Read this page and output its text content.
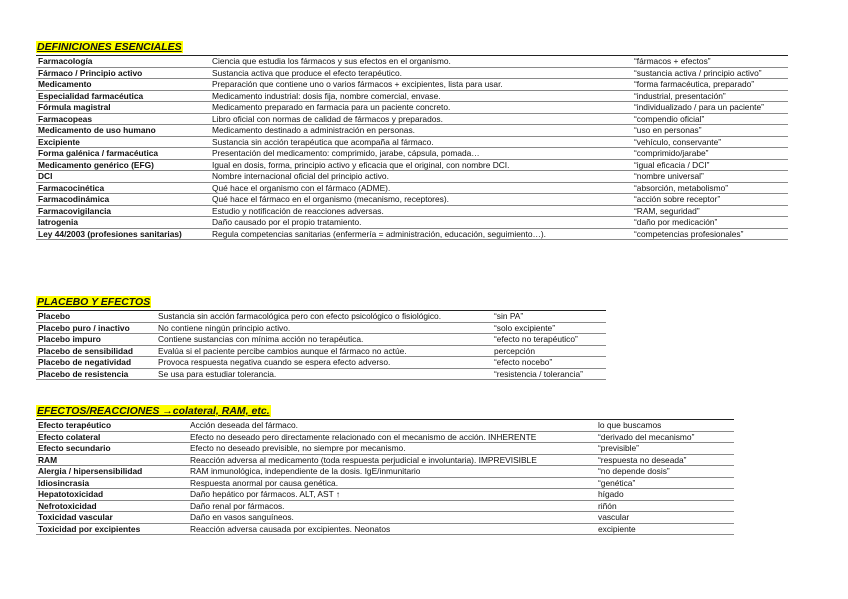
DEFINICIONES ESENCIALES
Farmacología	Ciencia que estudia los fármacos y sus efectos en el organismo.	“fármacos + efectos”
Fármaco / Principio activo	Sustancia activa que produce el efecto terapéutico.	“sustancia activa / principio activo”
Medicamento	Preparación que contiene uno o varios fármacos + excipientes, lista para usar.	“forma farmacéutica, preparado”
Especialidad farmacéutica	Medicamento industrial: dosis fija, nombre comercial, envase.	“industrial, presentación”
Fórmula magistral	Medicamento preparado en farmacia para un paciente concreto.	“individualizado / para un paciente”
Farmacopeas	Libro oficial con normas de calidad de fármacos y preparados.	“compendio oficial”
Medicamento de uso humano	Medicamento destinado a administración en personas.	“uso en personas”
Excipiente	Sustancia sin acción terapéutica que acompaña al fármaco.	“vehículo, conservante”
Forma galénica / farmacéutica	Presentación del medicamento: comprimido, jarabe, cápsula, pomada…	“comprimido/jarabe”
Medicamento genérico (EFG)	Igual en dosis, forma, principio activo y eficacia que el original, con nombre DCI.	“igual eficacia / DCI”
DCI	Nombre internacional oficial del principio activo.	“nombre universal”
Farmacocinética	Qué hace el organismo con el fármaco (ADME).	“absorción, metabolismo”
Farmacodinámica	Qué hace el fármaco en el organismo (mecanismo, receptores).	“acción sobre receptor”
Farmacovigilancia	Estudio y notificación de reacciones adversas.	“RAM, seguridad”
Iatrogenia	Daño causado por el propio tratamiento.	“daño por medicación”
Ley 44/2003 (profesiones sanitarias)	Regula competencias sanitarias (enfermería = administración, educación, seguimiento…).	“competencias profesionales”
PLACEBO Y EFECTOS
Placebo	Sustancia sin acción farmacológica pero con efecto psicológico o fisiológico.	“sin PA”
Placebo puro / inactivo	No contiene ningún principio activo.	“solo excipiente”
Placebo impuro	Contiene sustancias con mínima acción no terapéutica.	“efecto no terapéutico”
Placebo de sensibilidad	Evalúa si el paciente percibe cambios aunque el fármaco no actúe.	percepción
Placebo de negatividad	Provoca respuesta negativa cuando se espera efecto adverso.	“efecto nocebo”
Placebo de resistencia	Se usa para estudiar tolerancia.	“resistencia / tolerancia”
EFECTOS/REACCIONES →colateral, RAM, etc.
Efecto terapéutico	Acción deseada del fármaco.	lo que buscamos
Efecto colateral	Efecto no deseado pero directamente relacionado con el mecanismo de acción. INHERENTE	“derivado del mecanismo”
Efecto secundario	Efecto no deseado previsible, no siempre por mecanismo.	“previsible”
RAM	Reacción adversa al medicamento (toda respuesta perjudicial e involuntaria). IMPREVISIBLE	“respuesta no deseada”
Alergia / hipersensibilidad	RAM inmunológica, independiente de la dosis. IgE/inmunitario	“no depende dosis”
Idiosincrasia	Respuesta anormal por causa genética.	“genética”
Hepatotoxicidad	Daño hepático por fármacos. ALT, AST ↑	hígado
Nefrotoxicidad	Daño renal por fármacos.	riñón
Toxicidad vascular	Daño en vasos sanguíneos.	vascular
Toxicidad por excipientes	Reacción adversa causada por excipientes. Neonatos	excipiente
